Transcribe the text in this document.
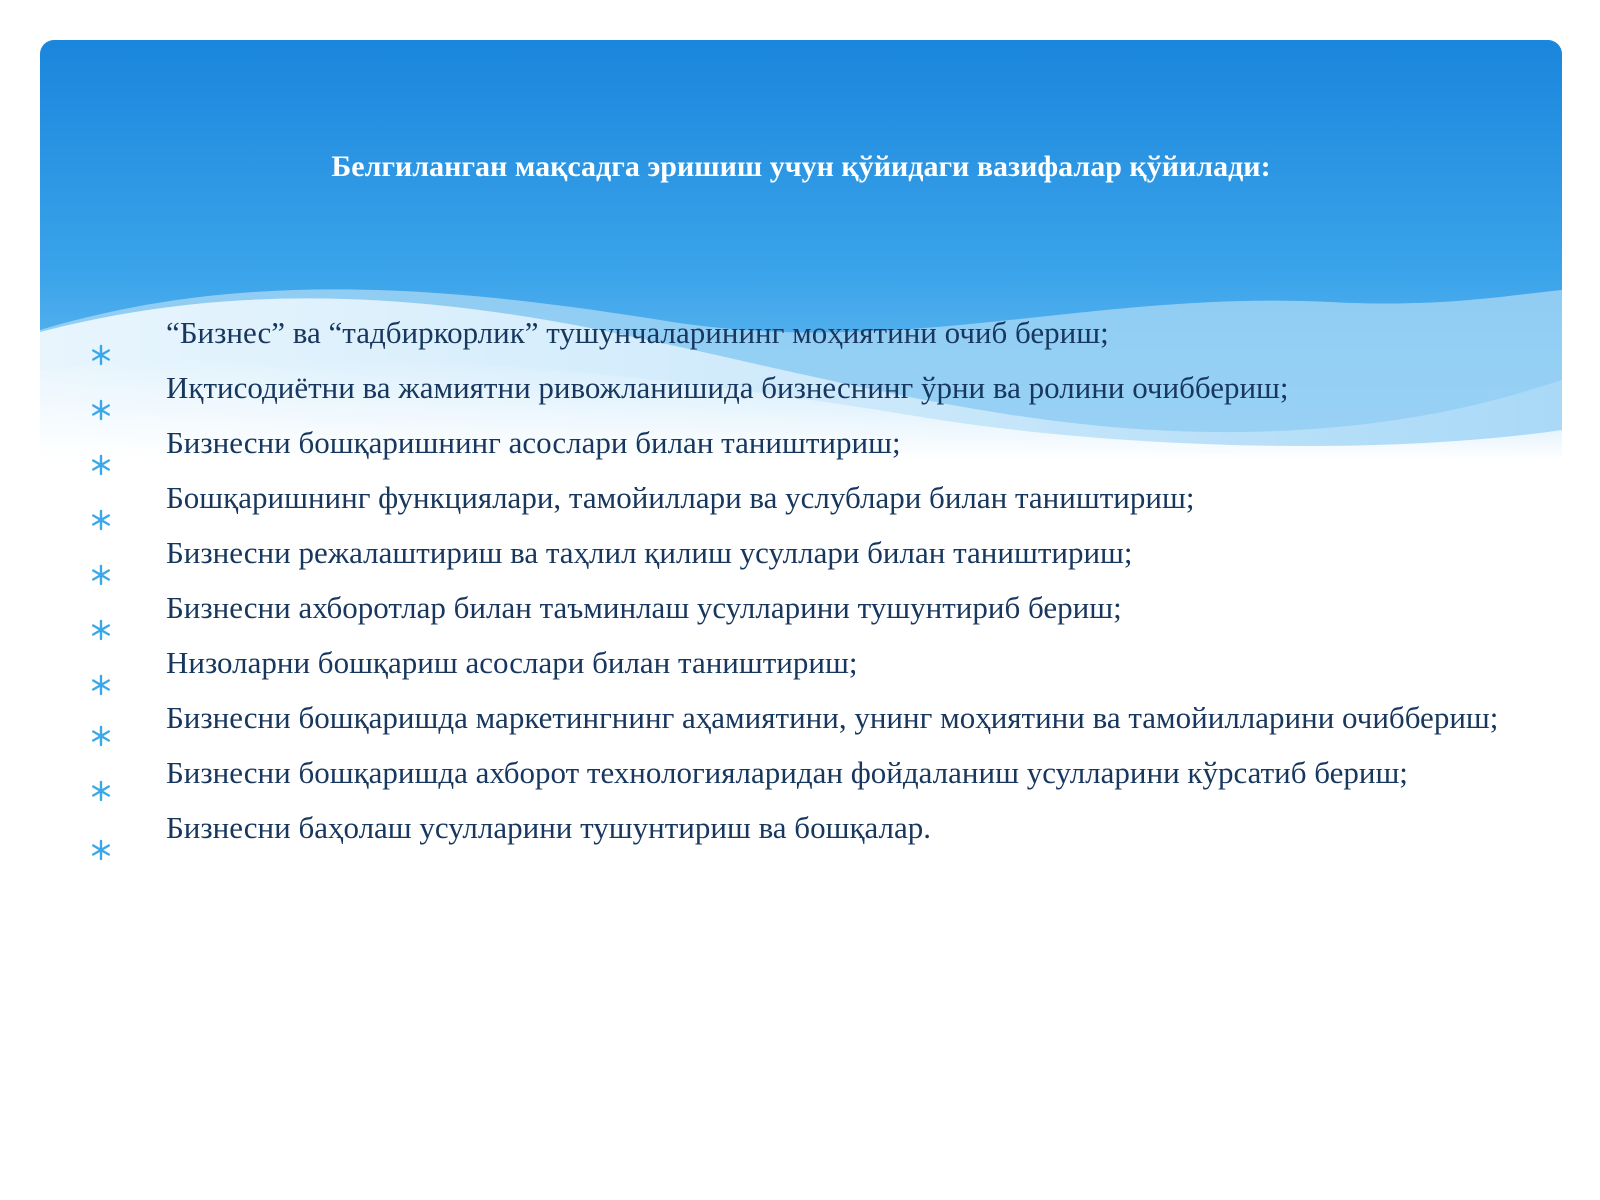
Белгиланган мақсадга эришиш учун қўйидаги вазифалар қўйилади:
“Бизнес” ва “тадбиркорлик” тушунчаларининг моҳиятини очиб бериш;
Иқтисодиётни ва жамиятни ривожланишида бизнеснинг ўрни ва ролини очиббериш;
Бизнесни бошқаришнинг асослари билан таништириш;
Бошқаришнинг функциялари, тамойиллари ва услублари билан таништириш;
Бизнесни режалаштириш ва таҳлил қилиш усуллари билан таништириш;
Бизнесни ахборотлар билан таъминлаш усулларини тушунтириб бериш;
Низоларни бошқариш асослари билан таништириш;
Бизнесни бошқаришда маркетингнинг аҳамиятини, унинг моҳиятини ва тамойилларини очиббериш;
Бизнесни бошқаришда ахборот технологияларидан фойдаланиш усулларини кўрсатиб бериш;
Бизнесни баҳолаш усулларини тушунтириш ва бошқалар.
